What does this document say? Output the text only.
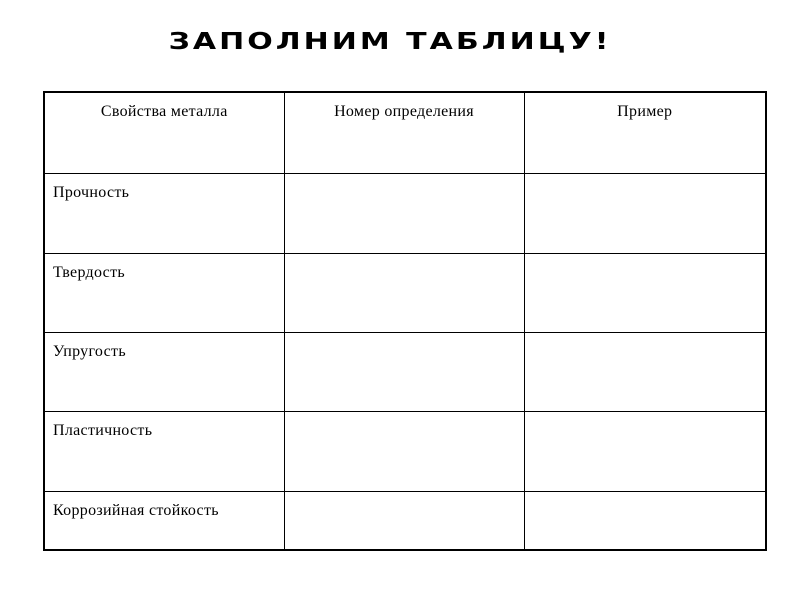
ЗАПОЛНИМ ТАБЛИЦУ!
Свойства металла	Номер определения	Пример

Прочность		

Твердость		

Упругость		

Пластичность		

Коррозийная стойкость		
